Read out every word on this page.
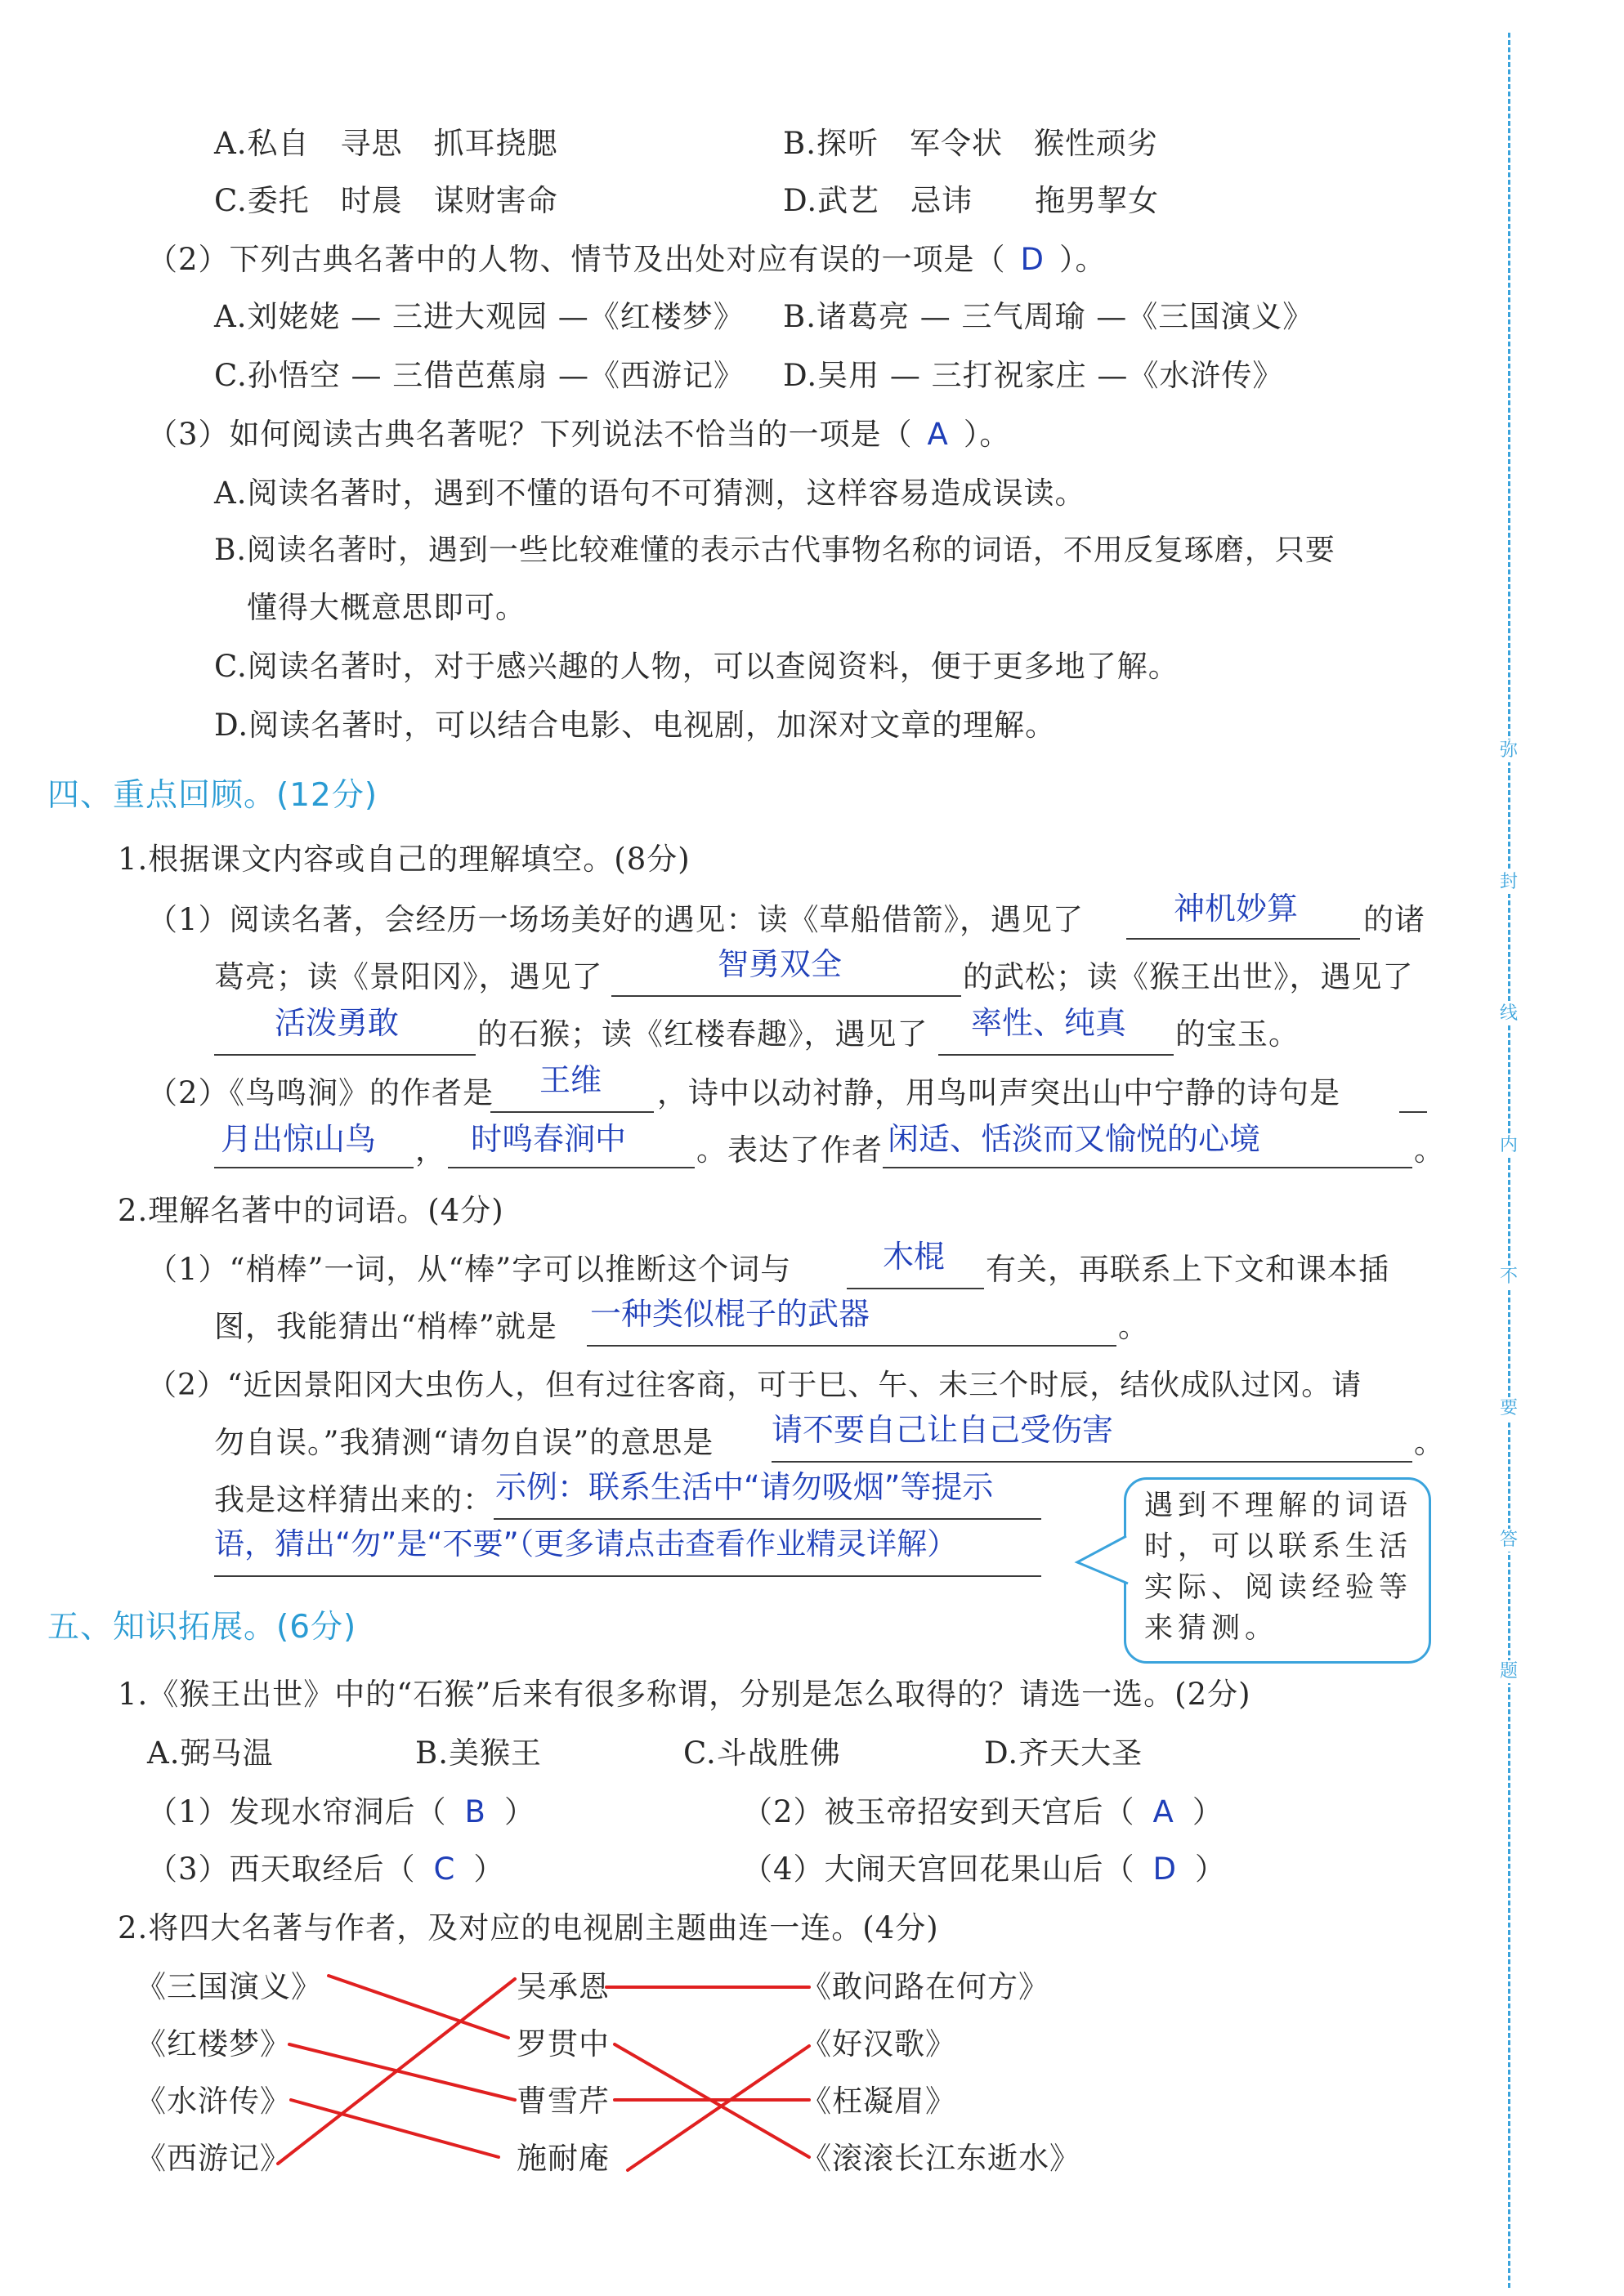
弥
封
线
内
不
要
答
题
A.私自　寻思　抓耳挠腮	B.探听　军令状　猴性顽劣
C.委托　时晨　谋财害命	D.武艺　忌讳　　拖男挈女
（2）下列古典名著中的人物、情节及出处对应有误的一项是（ D ）。
A.刘姥姥 — 三进大观园 —《红楼梦》 B.诸葛亮 — 三气周瑜 —《三国演义》
C.孙悟空 — 三借芭蕉扇 —《西游记》 D.吴用 — 三打祝家庄 —《水浒传》
（3）如何阅读古典名著呢？下列说法不恰当的一项是（ A ）。
A.阅读名著时，遇到不懂的语句不可猜测，这样容易造成误读。
B.阅读名著时，遇到一些比较难懂的表示古代事物名称的词语，不用反复琢磨，只要
懂得大概意思即可。
C.阅读名著时，对于感兴趣的人物，可以查阅资料，便于更多地了解。
D.阅读名著时，可以结合电影、电视剧，加深对文章的理解。
四、重点回顾。(12分)
1.根据课文内容或自己的理解填空。(8分)
（1）阅读名著，会经历一场场美好的遇见：读《草船借箭》，遇见了	神机妙算 的诸
葛亮；读《景阳冈》，遇见了	智勇双全	的武松；读《猴王出世》，遇见了
活泼勇敢	的石猴；读《红楼春趣》，遇见了 率性、纯真 的宝玉。
（2）《鸟鸣涧》的作者是 王维 ，诗中以动衬静，用鸟叫声突出山中宁静的诗句是
月出惊山鸟 ， 时鸣春涧中 。表达了作者 闲适、恬淡而又愉悦的心境	。
2.理解名著中的词语。(4分)
（1）“梢棒”一词，从“棒”字可以推断这个词与	木棍 有关，再联系上下文和课本插
图，我能猜出“梢棒”就是 一种类似棍子的武器	。
（2）“近因景阳冈大虫伤人，但有过往客商，可于巳、午、未三个时辰，结伙成队过冈。请
勿自误。”我猜测“请勿自误”的意思是 请不要自己让自己受伤害	。
我是这样猜出来的： 示例：联系生活中“请勿吸烟”等提示
语，猜出“勿”是“不要”（更多请点击查看作业精灵详解）
遇到不理解的词语时，可以联系生活实际、阅读经验等来猜测。
五、知识拓展。(6分)
1.《猴王出世》中的“石猴”后来有很多称谓，分别是怎么取得的？请选一选。(2分)
A.弼马温	B.美猴王	C.斗战胜佛	D.齐天大圣
（1）发现水帘洞后（ B ）	（2）被玉帝招安到天宫后（ A ）
（3）西天取经后（ C ）	（4）大闹天宫回花果山后（ D ）
2.将四大名著与作者，及对应的电视剧主题曲连一连。(4分)
《三国演义》
《红楼梦》
《水浒传》
《西游记》
吴承恩
罗贯中
曹雪芹
施耐庵
《敢问路在何方》
《好汉歌》
《枉凝眉》
《滚滚长江东逝水》
